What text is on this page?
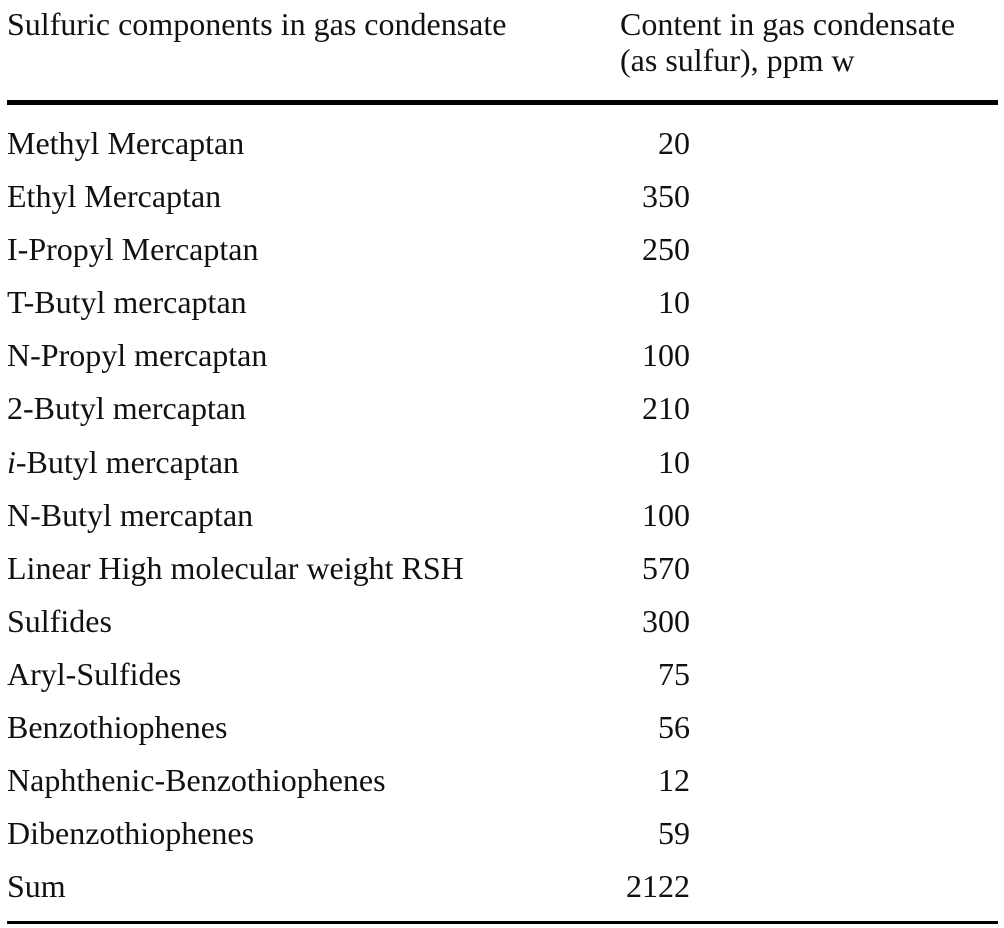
Sulfuric components in gas condensate	Content in gas condensate
(as sulfur), ppm w
Methyl Mercaptan	20
Ethyl Mercaptan	350
I-Propyl Mercaptan	250
T-Butyl mercaptan	10
N-Propyl mercaptan	100
2-Butyl mercaptan	210
i-Butyl mercaptan	10
N-Butyl mercaptan	100
Linear High molecular weight RSH	570
Sulfides	300
Aryl-Sulfides	75
Benzothiophenes	56
Naphthenic-Benzothiophenes	12
Dibenzothiophenes	59
Sum	2122
